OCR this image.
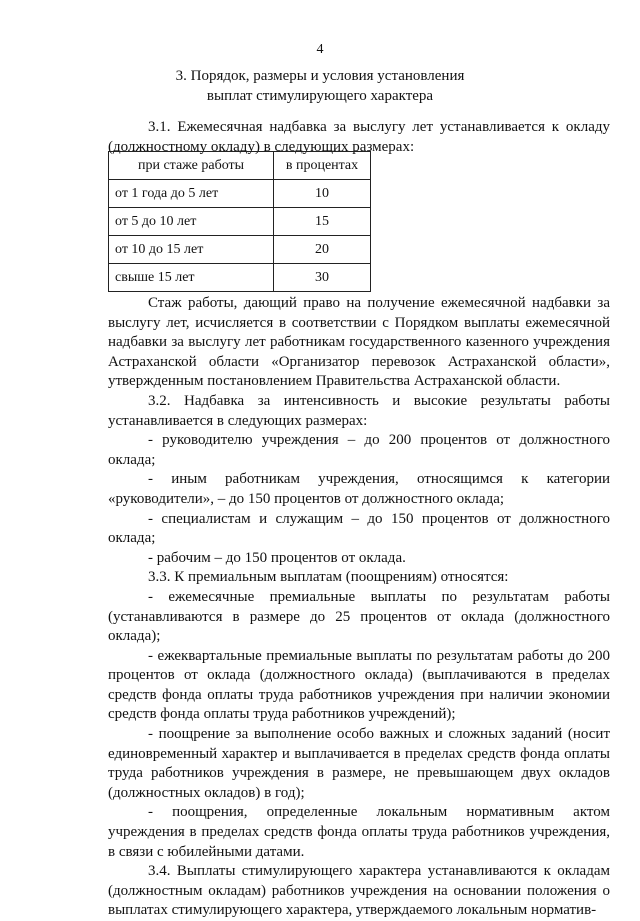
4
3. Порядок, размеры и условия установления
выплат стимулирующего характера

3.1. Ежемесячная надбавка за выслугу лет устанавливается к окладу (должностному окладу) в следующих размерах:

при стаже работы	в процентах
от 1 года до 5 лет	10
от 5 до 10 лет	15
от 10 до 15 лет	20
свыше 15 лет	30

Стаж работы, дающий право на получение ежемесячной надбавки за выслугу лет, исчисляется в соответствии с Порядком выплаты ежемесячной надбавки за выслугу лет работникам государственного казенного учреждения Астраханской области «Организатор перевозок Астраханской области», утвержденным постановлением Правительства Астраханской области.

3.2. Надбавка за интенсивность и высокие результаты работы устанавливается в следующих размерах:

- руководителю учреждения – до 200 процентов от должностного оклада;

- иным работникам учреждения, относящимся к категории «руководители», – до 150 процентов от должностного оклада;

- специалистам и служащим – до 150 процентов от должностного оклада;

- рабочим – до 150 процентов от оклада.

3.3. К премиальным выплатам (поощрениям) относятся:

- ежемесячные премиальные выплаты по результатам работы (устанавливаются в размере до 25 процентов от оклада (должностного оклада);

- ежеквартальные премиальные выплаты по результатам работы до 200 процентов от оклада (должностного оклада) (выплачиваются в пределах средств фонда оплаты труда работников учреждения при наличии экономии средств фонда оплаты труда работников учреждений);

- поощрение за выполнение особо важных и сложных заданий (носит единовременный характер и выплачивается в пределах средств фонда оплаты труда работников учреждения в размере, не превышающем двух окладов (должностных окладов) в год);

- поощрения, определенные локальным нормативным актом учреждения в пределах средств фонда оплаты труда работников учреждения, в связи с юбилейными датами.

3.4. Выплаты стимулирующего характера устанавливаются к окладам (должностным окладам) работников учреждения на основании положения о выплатах стимулирующего характера, утверждаемого локальным норматив-
